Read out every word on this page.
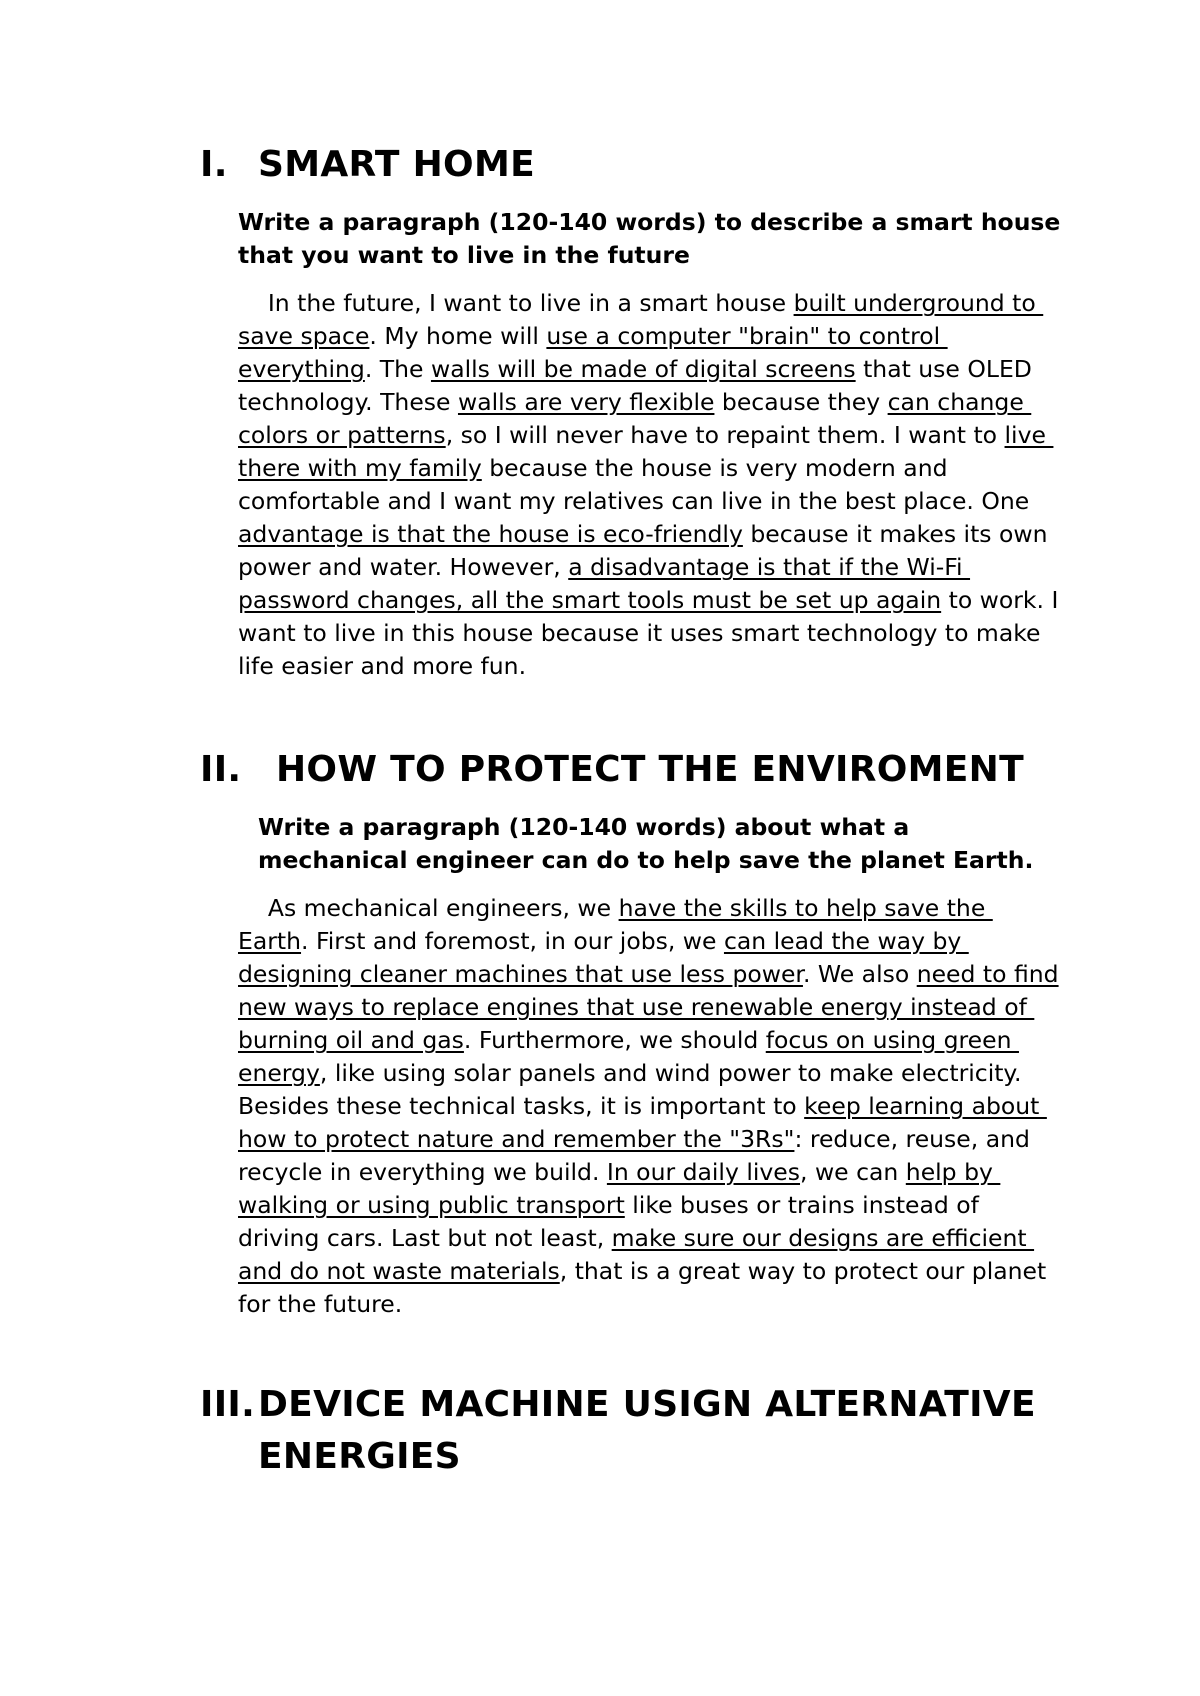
I. SMART HOME
Write a paragraph (120-140 words) to describe a smart house
that you want to live in the future
In the future, I want to live in a smart house built underground to
save space. My home will use a computer "brain" to control
everything. The walls will be made of digital screens that use OLED
technology. These walls are very flexible because they can change
colors or patterns, so I will never have to repaint them. I want to live
there with my family because the house is very modern and
comfortable and I want my relatives can live in the best place. One
advantage is that the house is eco-friendly because it makes its own
power and water. However, a disadvantage is that if the Wi-Fi
password changes, all the smart tools must be set up again to work. I
want to live in this house because it uses smart technology to make
life easier and more fun.
II. HOW TO PROTECT THE ENVIROMENT
Write a paragraph (120-140 words) about what a
mechanical engineer can do to help save the planet Earth.
As mechanical engineers, we have the skills to help save the
Earth. First and foremost, in our jobs, we can lead the way by
designing cleaner machines that use less power. We also need to find
new ways to replace engines that use renewable energy instead of
burning oil and gas. Furthermore, we should focus on using green
energy, like using solar panels and wind power to make electricity.
Besides these technical tasks, it is important to keep learning about
how to protect nature and remember the "3Rs": reduce, reuse, and
recycle in everything we build. In our daily lives, we can help by
walking or using public transport like buses or trains instead of
driving cars. Last but not least, make sure our designs are efficient
and do not waste materials, that is a great way to protect our planet
for the future.
III. DEVICE MACHINE USIGN ALTERNATIVE
ENERGIES
